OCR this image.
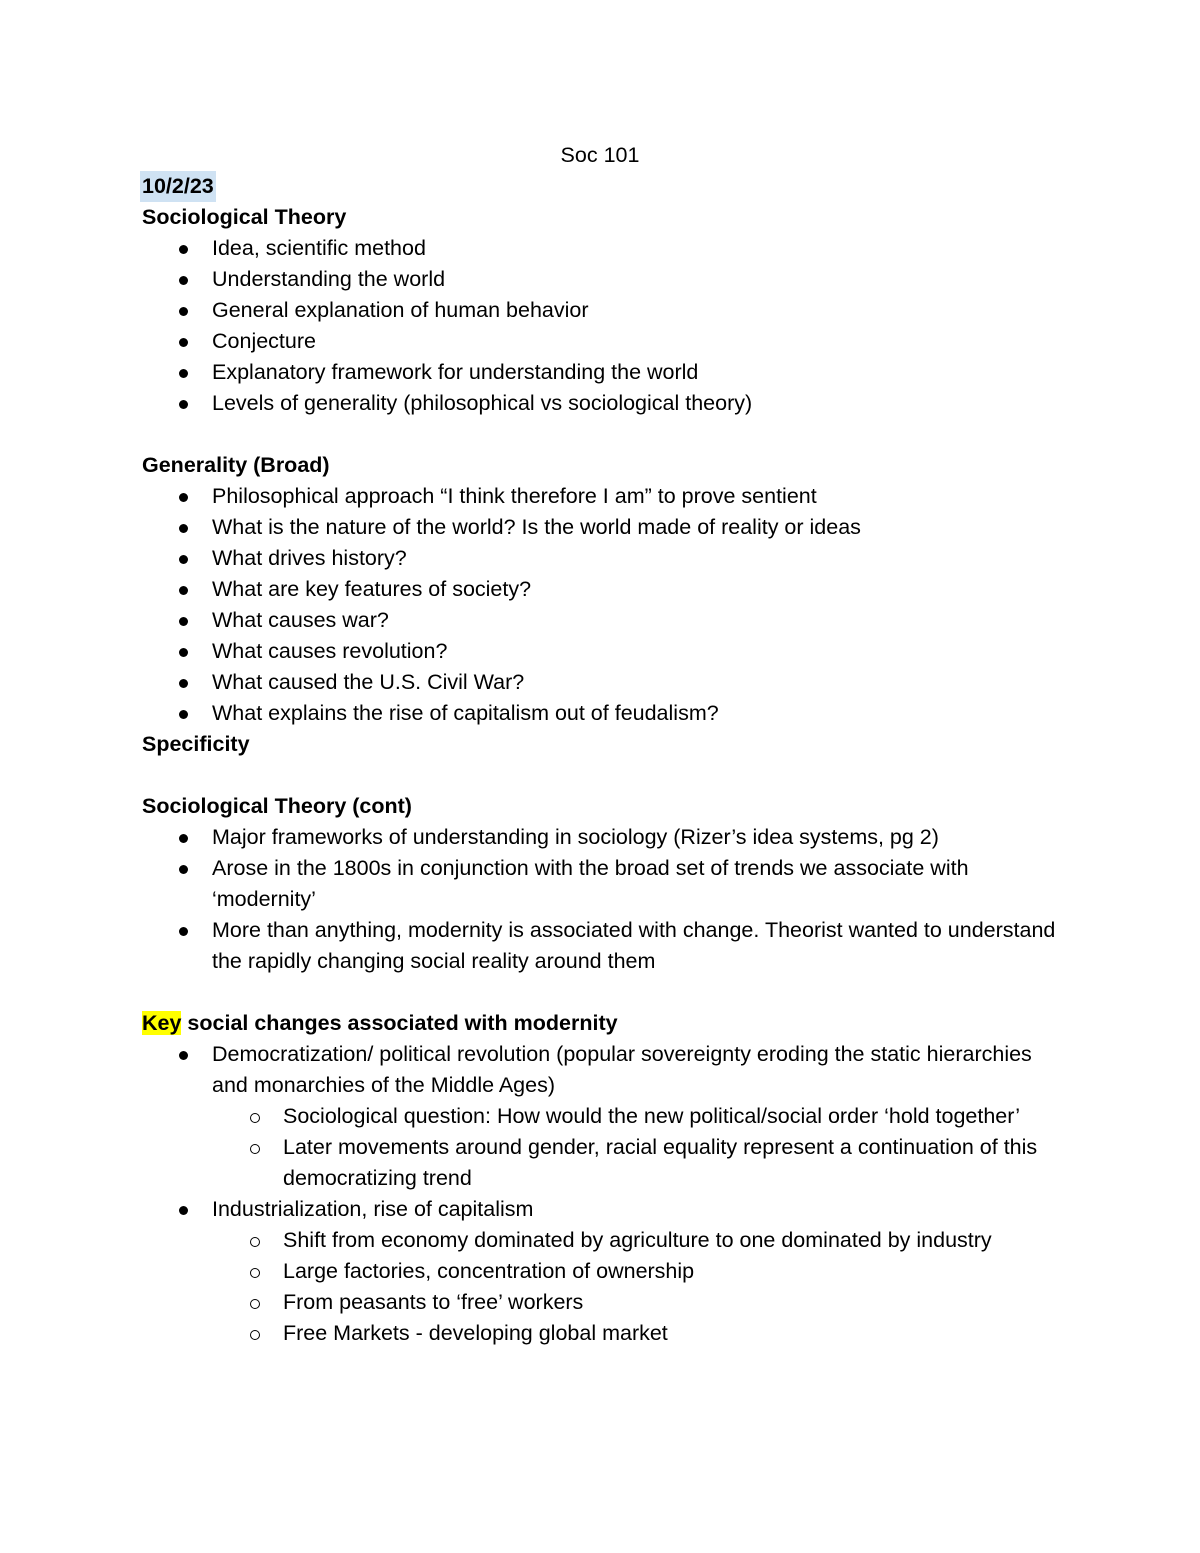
Soc 101
10/2/23
Sociological Theory
Idea, scientific method
Understanding the world
General explanation of human behavior
Conjecture
Explanatory framework for understanding the world
Levels of generality (philosophical vs sociological theory)
Generality (Broad)
Philosophical approach “I think therefore I am” to prove sentient
What is the nature of the world? Is the world made of reality or ideas
What drives history?
What are key features of society?
What causes war?
What causes revolution?
What caused the U.S. Civil War?
What explains the rise of capitalism out of feudalism?
Specificity
Sociological Theory (cont)
Major frameworks of understanding in sociology (Rizer’s idea systems, pg 2)
Arose in the 1800s in conjunction with the broad set of trends we associate with ‘modernity’
More than anything, modernity is associated with change. Theorist wanted to understand the rapidly changing social reality around them
Key social changes associated with modernity
Democratization/ political revolution (popular sovereignty eroding the static hierarchies and monarchies of the Middle Ages)
Sociological question: How would the new political/social order ‘hold together’
Later movements around gender, racial equality represent a continuation of this democratizing trend
Industrialization, rise of capitalism
Shift from economy dominated by agriculture to one dominated by industry
Large factories, concentration of ownership
From peasants to ‘free’ workers
Free Markets - developing global market
